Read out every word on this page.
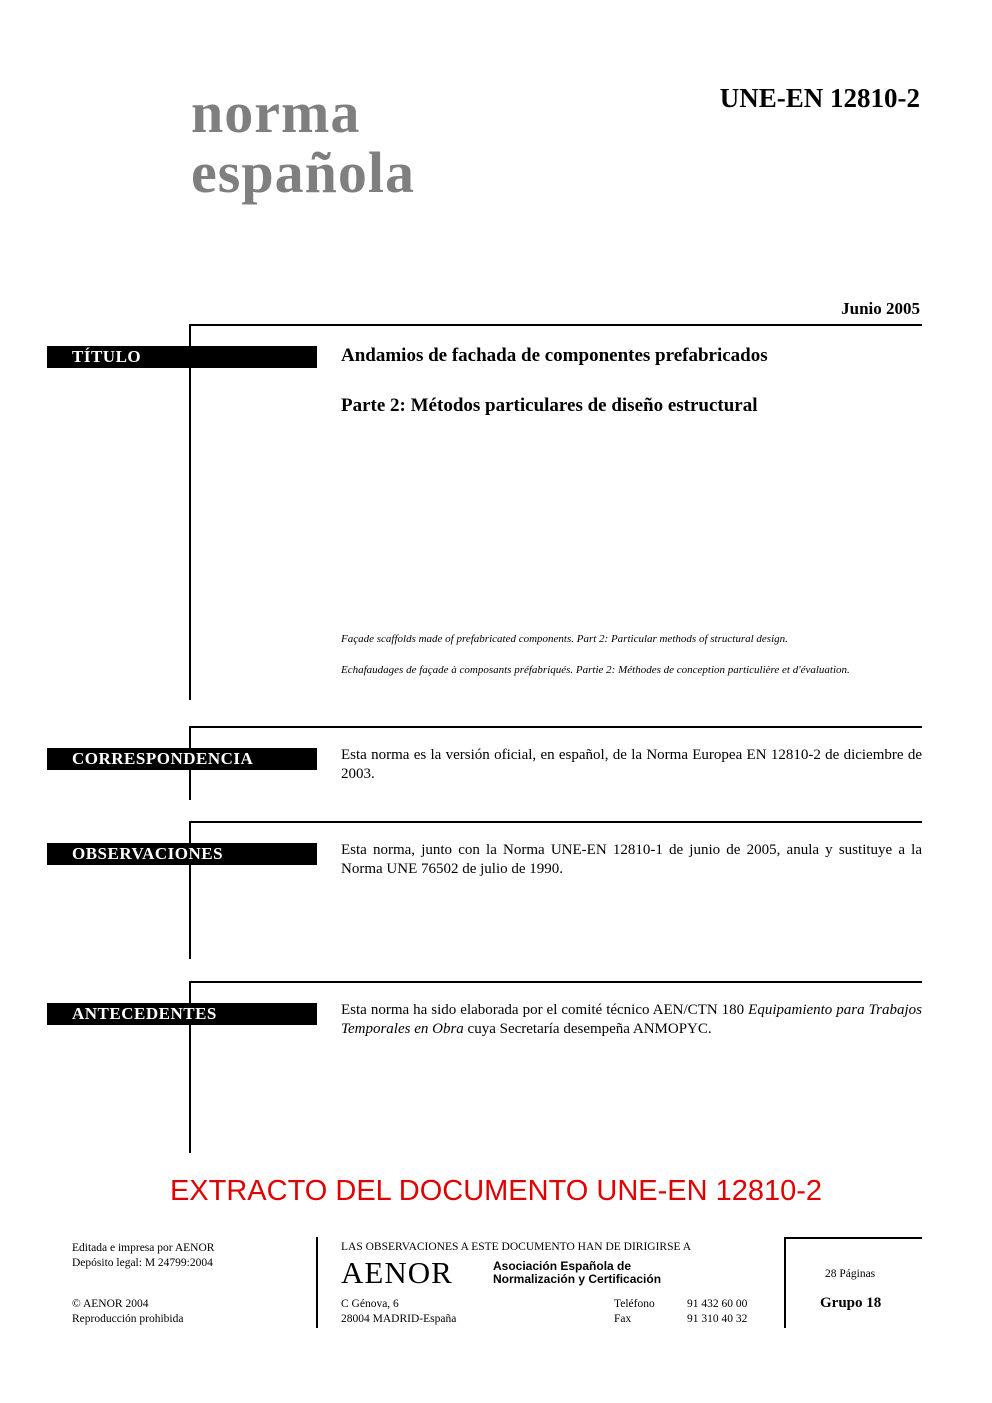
norma
española
UNE-EN 12810-2
Junio 2005
TÍTULO	Andamios de fachada de componentes prefabricados
Parte 2: Métodos particulares de diseño estructural
Façade scaffolds made of prefabricated components. Part 2: Particular methods of structural design.
Echafaudages de façade à composants préfabriqués. Partie 2: Méthodes de conception particulière et d'évaluation.
CORRESPONDENCIA	Esta norma es la versión oficial, en español, de la Norma Europea EN 12810-2 de diciembre de 2003.
OBSERVACIONES	Esta norma, junto con la Norma UNE-EN 12810-1 de junio de 2005, anula y sustituye a la Norma UNE 76502 de julio de 1990.
ANTECEDENTES	Esta norma ha sido elaborada por el comité técnico AEN/CTN 180 Equipamiento para Trabajos Temporales en Obra cuya Secretaría desempeña ANMOPYC.
EXTRACTO DEL DOCUMENTO UNE-EN 12810-2
Editada e impresa por AENOR
Depósito legal: M 24799:2004
© AENOR 2004
Reproducción prohibida
LAS OBSERVACIONES A ESTE DOCUMENTO HAN DE DIRIGIRSE A
AENOR	Asociación Española de
Normalización y Certificación
C Génova, 6
28004 MADRID-España
Teléfono	91 432 60 00
Fax	91 310 40 32
28 Páginas
Grupo 18
